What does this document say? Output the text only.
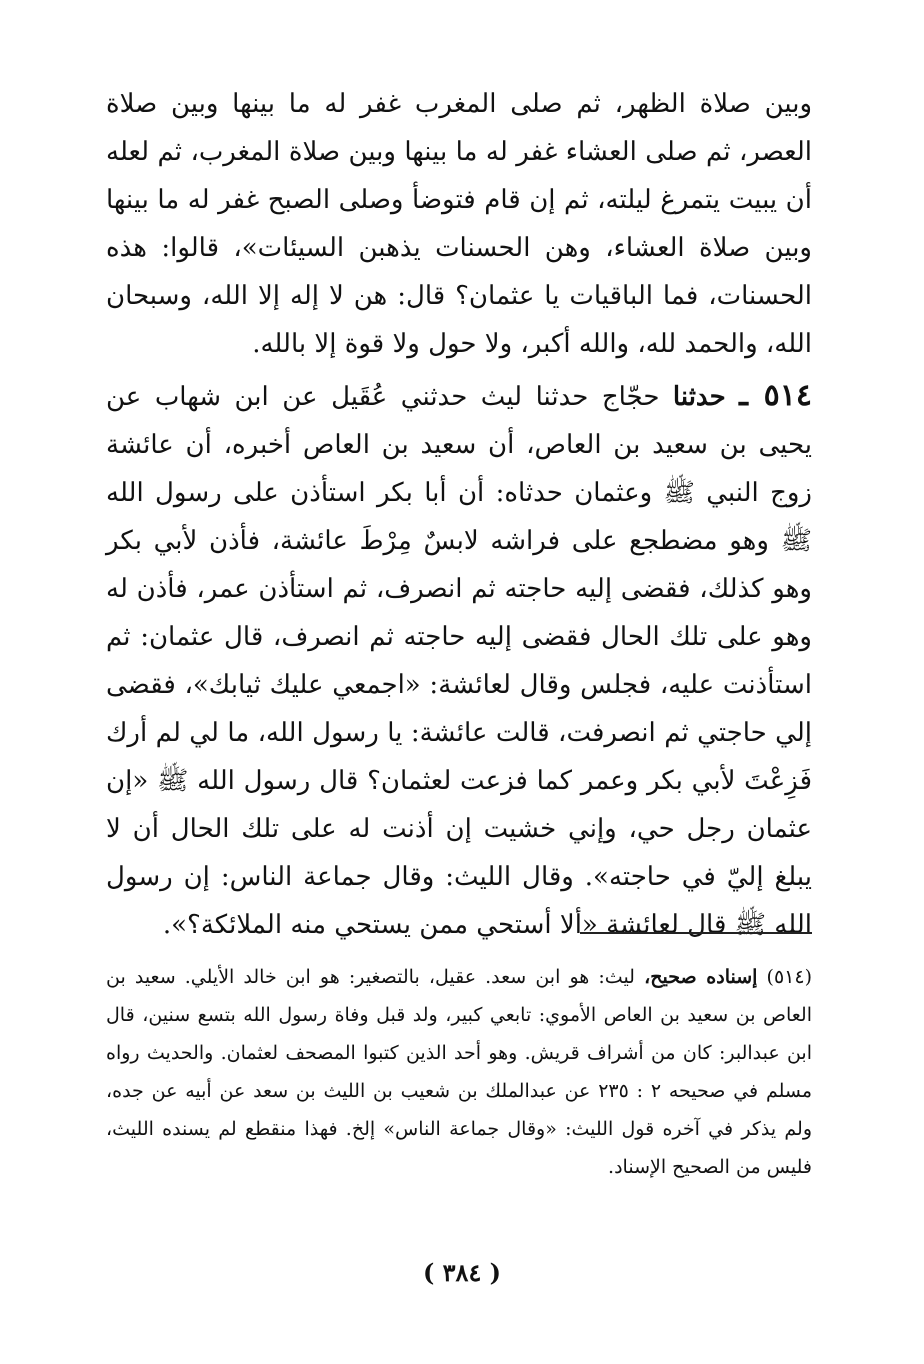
وبين صلاة الظهر، ثم صلى المغرب غفر له ما بينها وبين صلاة العصر، ثم صلى العشاء غفر له ما بينها وبين صلاة المغرب، ثم لعله أن يبيت يتمرغ ليلته، ثم إن قام فتوضأ وصلى الصبح غفر له ما بينها وبين صلاة العشاء، وهن الحسنات يذهبن السيئات»، قالوا: هذه الحسنات، فما الباقيات يا عثمان؟ قال: هن لا إله إلا الله، وسبحان الله، والحمد لله، والله أكبر، ولا حول ولا قوة إلا بالله.

٥١٤ ـ حدثنا حجّاج حدثنا ليث حدثني عُقَيل عن ابن شهاب عن يحيى بن سعيد بن العاص، أن سعيد بن العاص أخبره، أن عائشة زوج النبي ﷺ وعثمان حدثاه: أن أبا بكر استأذن على رسول الله ﷺ وهو مضطجع على فراشه لابسٌ مِرْطَ عائشة، فأذن لأبي بكر وهو كذلك، فقضى إليه حاجته ثم انصرف، ثم استأذن عمر، فأذن له وهو على تلك الحال فقضى إليه حاجته ثم انصرف، قال عثمان: ثم استأذنت عليه، فجلس وقال لعائشة: «اجمعي عليك ثيابك»، فقضى إلي حاجتي ثم انصرفت، قالت عائشة: يا رسول الله، ما لي لم أرك فَزِعْتَ لأبي بكر وعمر كما فزعت لعثمان؟ قال رسول الله ﷺ «إن عثمان رجل حي، وإني خشيت إن أذنت له على تلك الحال أن لا يبلغ إليّ في حاجته». وقال الليث: وقال جماعة الناس: إن رسول الله ﷺ قال لعائشة «ألا أستحي ممن يستحي منه الملائكة؟».

(٥١٤) إسناده صحيح، ليث: هو ابن سعد. عقيل، بالتصغير: هو ابن خالد الأيلي. سعيد بن العاص بن سعيد بن العاص الأموي: تابعي كبير، ولد قبل وفاة رسول الله بتسع سنين، قال ابن عبدالبر: كان من أشراف قريش. وهو أحد الذين كتبوا المصحف لعثمان. والحديث رواه مسلم في صحيحه ٢ : ٢٣٥ عن عبدالملك بن شعيب بن الليث بن سعد عن أبيه عن جده، ولم يذكر في آخره قول الليث: «وقال جماعة الناس» إلخ. فهذا منقطع لم يسنده الليث، فليس من الصحيح الإسناد.

( ٣٨٤ )
